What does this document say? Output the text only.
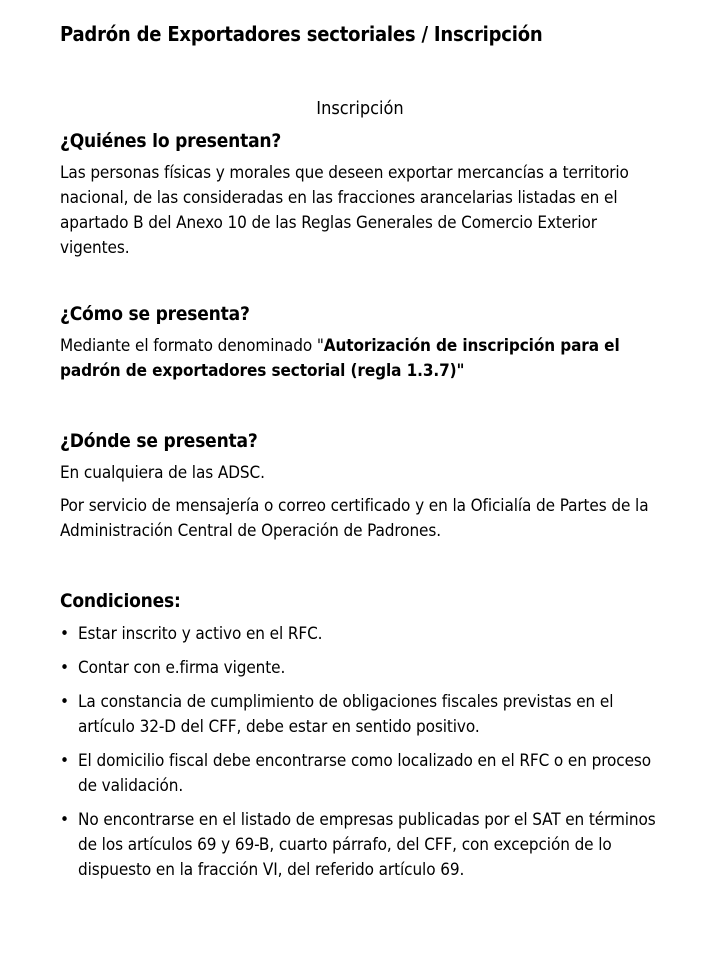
Padrón de Exportadores sectoriales / Inscripción

Inscripción

¿Quiénes lo presentan?

Las personas físicas y morales que deseen exportar mercancías a territorio nacional, de las consideradas en las fracciones arancelarias listadas en el apartado B del Anexo 10 de las Reglas Generales de Comercio Exterior vigentes.

¿Cómo se presenta?

Mediante el formato denominado "Autorización de inscripción para el padrón de exportadores sectorial (regla 1.3.7)"

¿Dónde se presenta?

En cualquiera de las ADSC.

Por servicio de mensajería o correo certificado y en la Oficialía de Partes de la Administración Central de Operación de Padrones.

Condiciones:
• Estar inscrito y activo en el RFC.
• Contar con e.firma vigente.
• La constancia de cumplimiento de obligaciones fiscales previstas en el artículo 32-D del CFF, debe estar en sentido positivo.
• El domicilio fiscal debe encontrarse como localizado en el RFC o en proceso de validación.
• No encontrarse en el listado de empresas publicadas por el SAT en términos de los artículos 69 y 69-B, cuarto párrafo, del CFF, con excepción de lo dispuesto en la fracción VI, del referido artículo 69.
